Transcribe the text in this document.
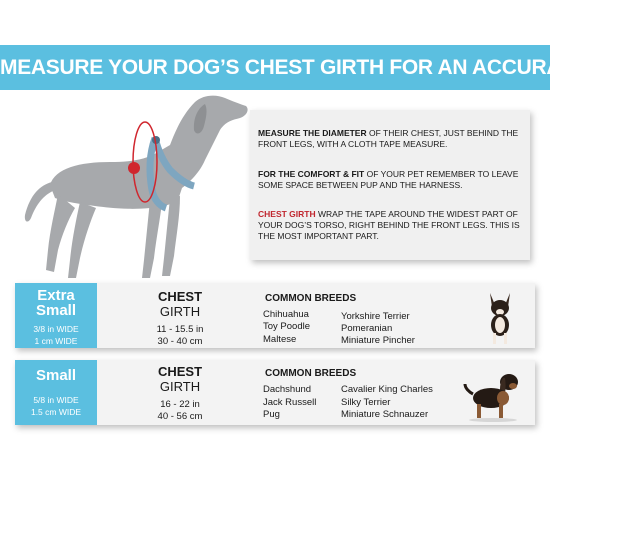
MEASURE YOUR DOG’S CHEST GIRTH FOR AN ACCURATE FIT!
MEASURE THE DIAMETER OF THEIR CHEST, JUST BEHIND THE FRONT LEGS, WITH A CLOTH TAPE MEASURE.
FOR THE COMFORT & FIT OF YOUR PET REMEMBER TO LEAVE SOME SPACE BETWEEN PUP AND THE HARNESS.
CHEST GIRTH WRAP THE TAPE AROUND THE WIDEST PART OF YOUR DOG’S TORSO, RIGHT BEHIND THE FRONT LEGS. THIS IS THE MOST IMPORTANT PART.
Extra
Small
3/8 in WIDE
1 cm WIDE
CHEST
GIRTH
11 - 15.5 in
30 - 40 cm
COMMON BREEDS
Chihuahua	Yorkshire Terrier
Toy Poodle	Pomeranian
Maltese	Miniature Pincher
Small
5/8 in WIDE
1.5 cm WIDE
CHEST
GIRTH
16 - 22 in
40 - 56 cm
COMMON BREEDS
Dachshund	Cavalier King Charles
Jack Russell	Silky Terrier
Pug	Miniature Schnauzer
